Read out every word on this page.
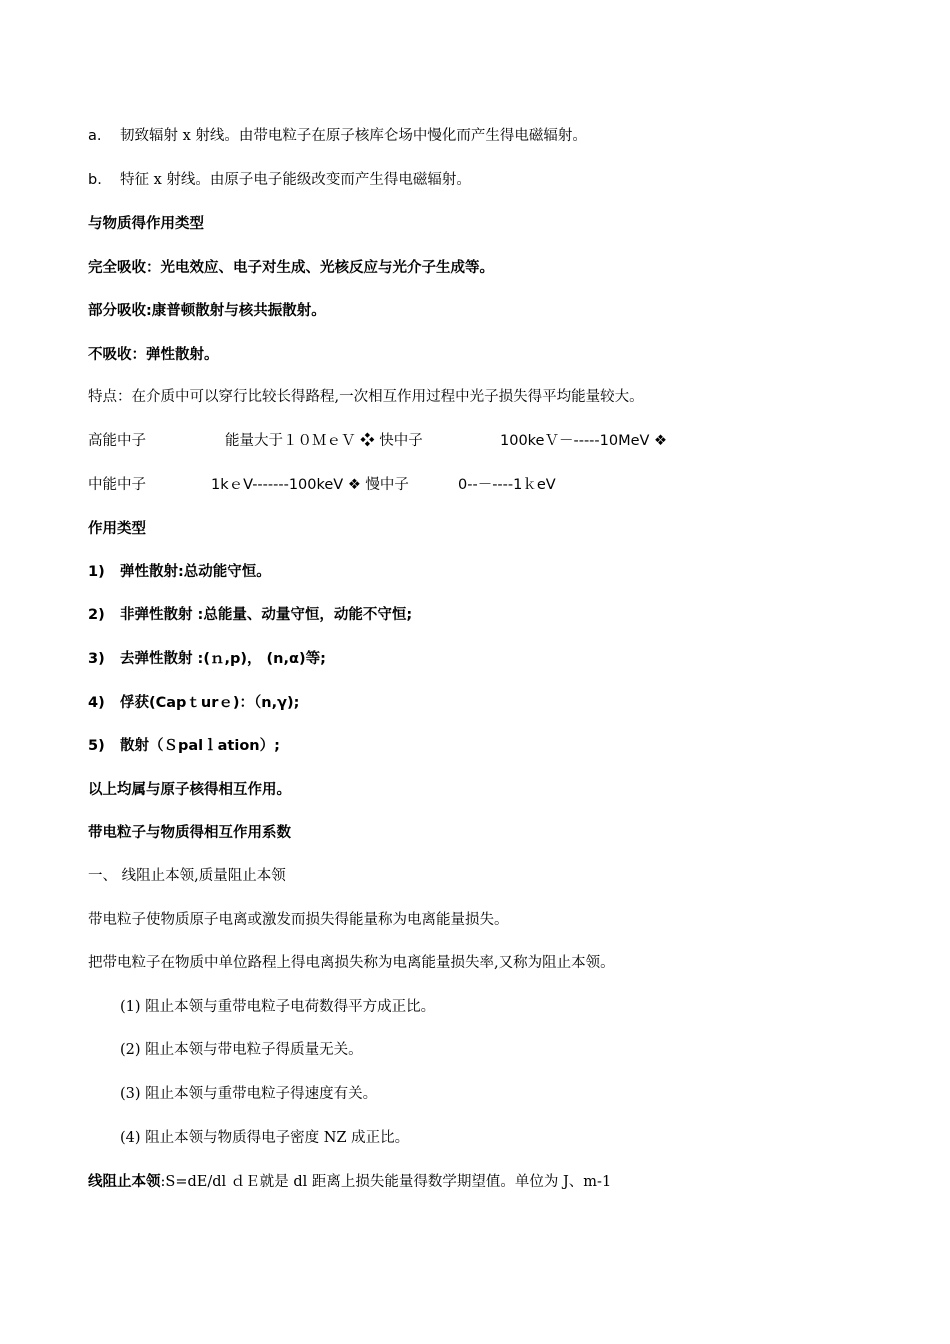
a. 韧致辐射 x 射线。由带电粒子在原子核库仑场中慢化而产生得电磁辐射。
b. 特征 x 射线。由原子电子能级改变而产生得电磁辐射。
与物质得作用类型
完全吸收：光电效应、电子对生成、光核反应与光介子生成等。
部分吸收:康普顿散射与核共振散射。
不吸收：弹性散射。
特点：在介质中可以穿行比较长得路程,一次相互作用过程中光子损失得平均能量较大。
高能中子	能量大于１０ＭｅＶ ❖ 快中子	100keＶ－-----10MeV ❖
中能中子	1kｅV-------100keV ❖ 慢中子	0--－----1ｋeV
作用类型
1) 弹性散射:总动能守恒。
2) 非弹性散射 :总能量、动量守恒，动能不守恒;
3) 去弹性散射 :(ｎ,p)， (n,α)等;
4) 俘获(Capｔurｅ)：（n,γ);
5) 散射（Ｓpalｌation）;
以上均属与原子核得相互作用。
带电粒子与物质得相互作用系数
一、 线阻止本领,质量阻止本领
带电粒子使物质原子电离或激发而损失得能量称为电离能量损失。
把带电粒子在物质中单位路程上得电离损失称为电离能量损失率,又称为阻止本领。
(1) 阻止本领与重带电粒子电荷数得平方成正比。
(2) 阻止本领与带电粒子得质量无关。
(3) 阻止本领与重带电粒子得速度有关。
(4) 阻止本领与物质得电子密度 NZ 成正比。
线阻止本领:S=dE/dl ｄＥ就是 dl 距离上损失能量得数学期望值。单位为 J、m-1
